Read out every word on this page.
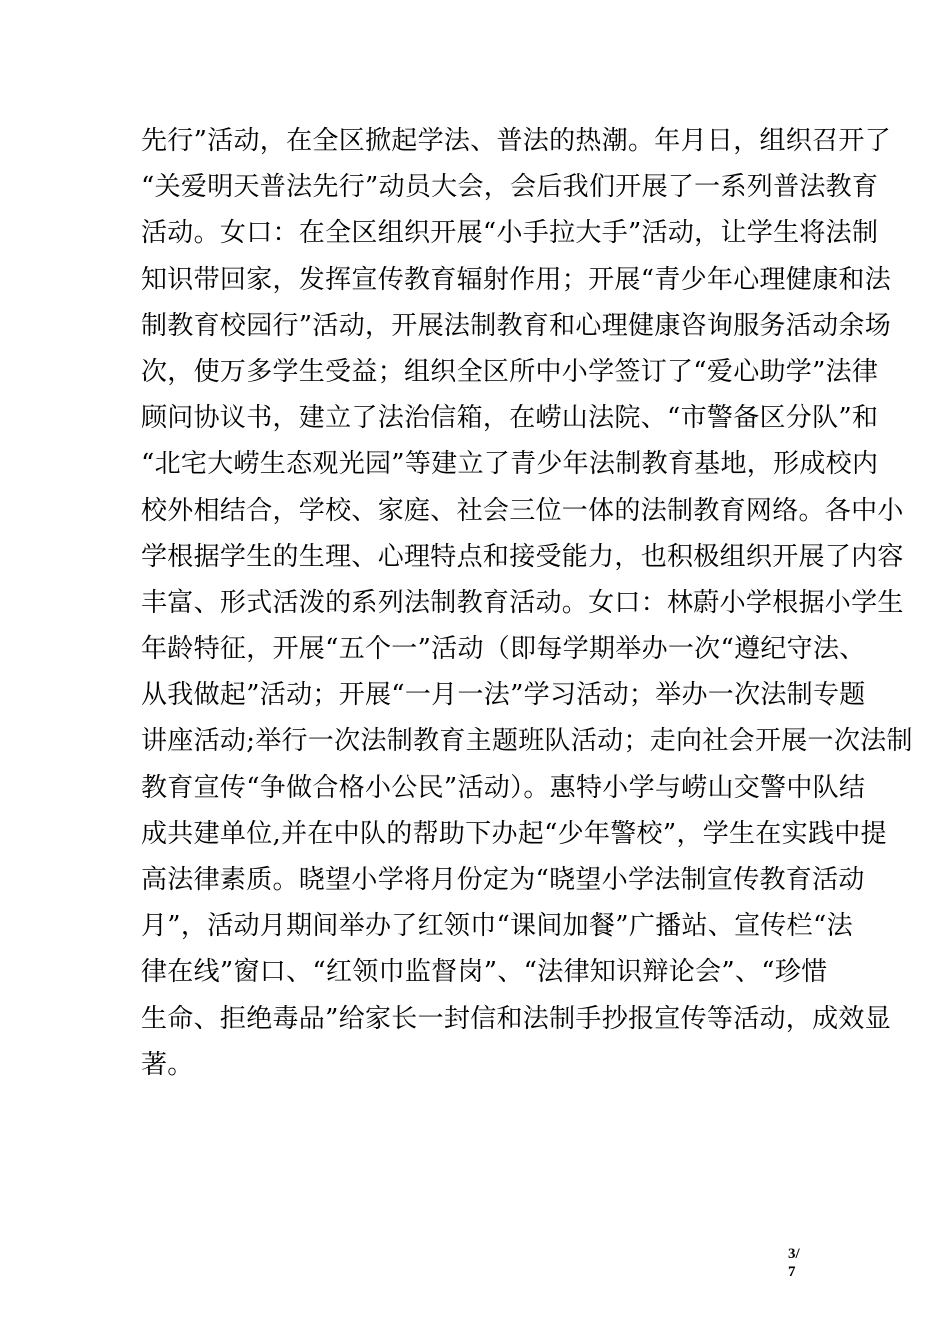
先行”活动，在全区掀起学法、普法的热潮。年月日，组织召开了
“关爱明天普法先行”动员大会，会后我们开展了一系列普法教育
活动。女口：在全区组织开展“小手拉大手”活动，让学生将法制
知识带回家，发挥宣传教育辐射作用；开展“青少年心理健康和法
制教育校园行”活动，开展法制教育和心理健康咨询服务活动余场
次，使万多学生受益；组织全区所中小学签订了“爱心助学”法律
顾问协议书，建立了法治信箱，在崂山法院、“市警备区分队”和
“北宅大崂生态观光园”等建立了青少年法制教育基地，形成校内
校外相结合，学校、家庭、社会三位一体的法制教育网络。各中小
学根据学生的生理、心理特点和接受能力，也积极组织开展了内容
丰富、形式活泼的系列法制教育活动。女口：林蔚小学根据小学生
年龄特征，开展“五个一”活动（即每学期举办一次“遵纪守法、
从我做起”活动；开展“一月一法”学习活动；举办一次法制专题
讲座活动;举行一次法制教育主题班队活动；走向社会开展一次法制
教育宣传“争做合格小公民”活动）。惠特小学与崂山交警中队结
成共建单位,并在中队的帮助下办起“少年警校”，学生在实践中提
高法律素质。晓望小学将月份定为“晓望小学法制宣传教育活动
月”，活动月期间举办了红领巾“课间加餐”广播站、宣传栏“法
律在线”窗口、“红领巾监督岗”、“法律知识辩论会”、“珍惜
生命、拒绝毒品”给家长一封信和法制手抄报宣传等活动，成效显
著。
3/
7
